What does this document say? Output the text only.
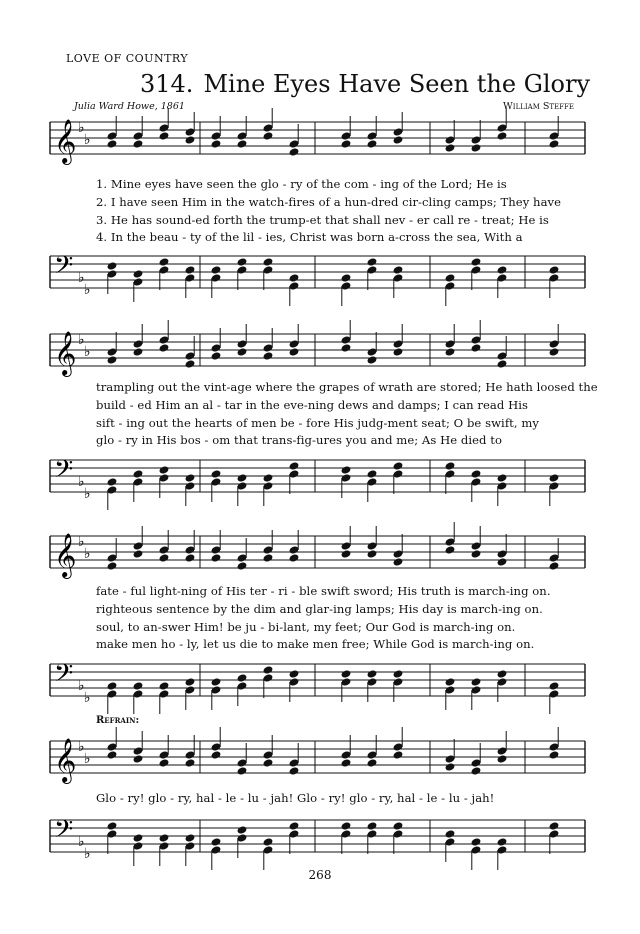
LOVE OF COUNTRY
314. Mine Eyes Have Seen the Glory
Julia Ward Howe, 1861	William Steffe
𝄞 ♭
♭
1. Mine eyes have seen the glo - ry of the com - ing of the Lord; He is
2. I have seen Him in the watch-fires of a hun-dred cir-cling camps; They have
3. He has sound-ed forth the trump-et that shall nev - er call re - treat; He is
4. In the beau - ty of the lil - ies, Christ was born a-cross the sea, With a
𝄢 ♭
♭
𝄞 ♭
♭
trampling out the vint-age where the grapes of wrath are stored; He hath loosed the
build - ed Him an al - tar in the eve-ning dews and damps; I can read His
sift - ing out the hearts of men be - fore His judg-ment seat; O be swift, my
glo - ry in His bos - om that trans-fig-ures you and me; As He died to
𝄢 ♭
♭
𝄞 ♭
♭
fate - ful light-ning of His ter - ri - ble swift sword; His truth is march-ing on.
righteous sentence by the dim and glar-ing lamps; His day is march-ing on.
soul, to an-swer Him! be ju - bi-lant, my feet; Our God is march-ing on.
make men ho - ly, let us die to make men free; While God is march-ing on.
𝄢 ♭
♭
Refrain:
𝄞 ♭
♭
Glo - ry! glo - ry, hal - le - lu - jah! Glo - ry! glo - ry, hal - le - lu - jah!
𝄢 ♭
♭
268
